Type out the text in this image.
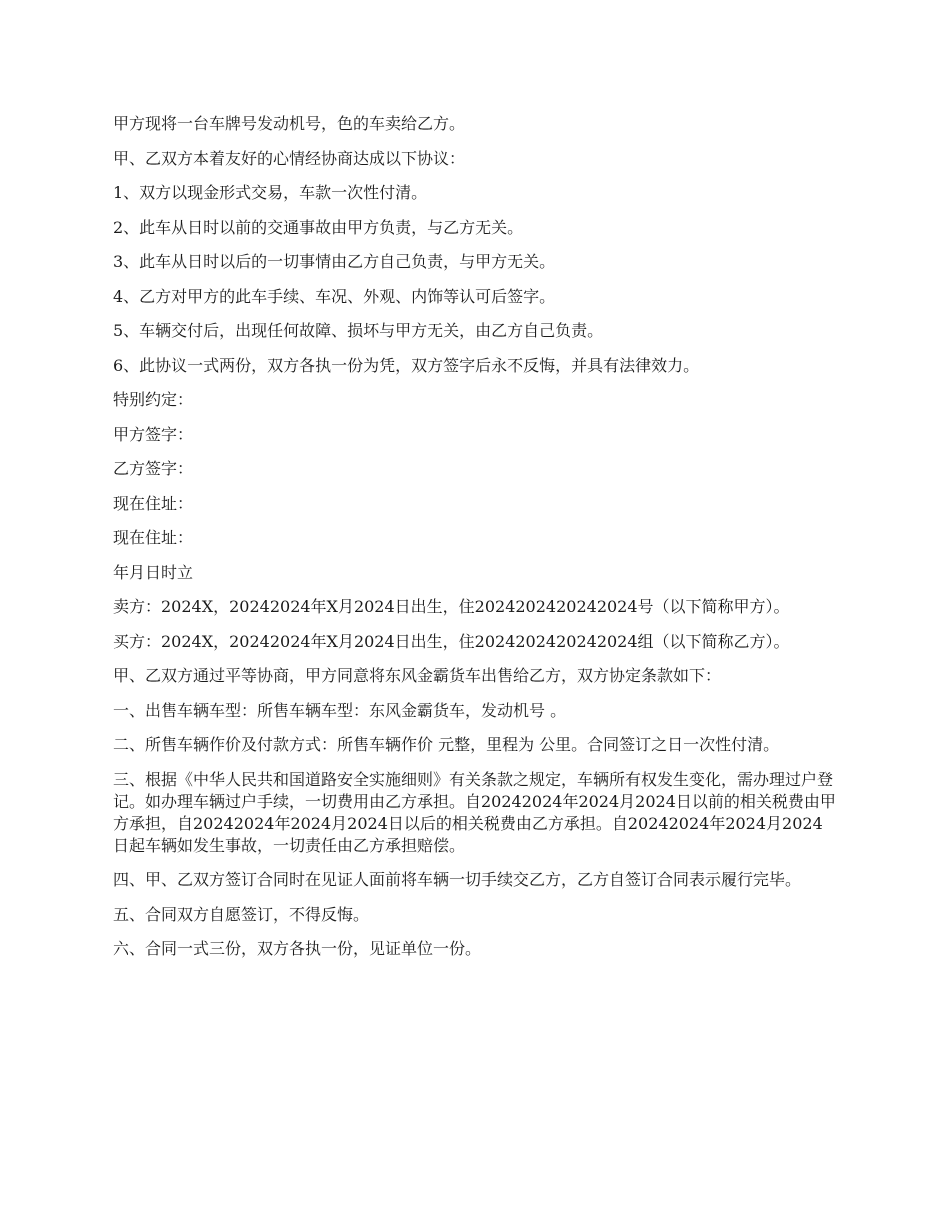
甲方现将一台车牌号发动机号，色的车卖给乙方。

甲、乙双方本着友好的心情经协商达成以下协议：

1、双方以现金形式交易，车款一次性付清。

2、此车从日时以前的交通事故由甲方负责，与乙方无关。

3、此车从日时以后的一切事情由乙方自己负责，与甲方无关。

4、乙方对甲方的此车手续、车况、外观、内饰等认可后签字。

5、车辆交付后，出现任何故障、损坏与甲方无关，由乙方自己负责。

6、此协议一式两份，双方各执一份为凭，双方签字后永不反悔，并具有法律效力。

特别约定：

甲方签字：

乙方签字：

现在住址：

现在住址：

年月日时立

卖方：2024X，20242024年X月2024日出生，住2024202420242024号（以下简称甲方）。

买方：2024X，20242024年X月2024日出生，住2024202420242024组（以下简称乙方）。

甲、乙双方通过平等协商，甲方同意将东风金霸货车出售给乙方，双方协定条款如下：

一、出售车辆车型：所售车辆车型：东风金霸货车，发动机号 。

二、所售车辆作价及付款方式：所售车辆作价 元整，里程为 公里。合同签订之日一次性付清。

三、根据《中华人民共和国道路安全实施细则》有关条款之规定，车辆所有权发生变化，需办理过户登记。如办理车辆过户手续，一切费用由乙方承担。自20242024年2024月2024日以前的相关税费由甲方承担，自20242024年2024月2024日以后的相关税费由乙方承担。自20242024年2024月2024日起车辆如发生事故，一切责任由乙方承担赔偿。

四、甲、乙双方签订合同时在见证人面前将车辆一切手续交乙方，乙方自签订合同表示履行完毕。

五、合同双方自愿签订，不得反悔。

六、合同一式三份，双方各执一份，见证单位一份。
